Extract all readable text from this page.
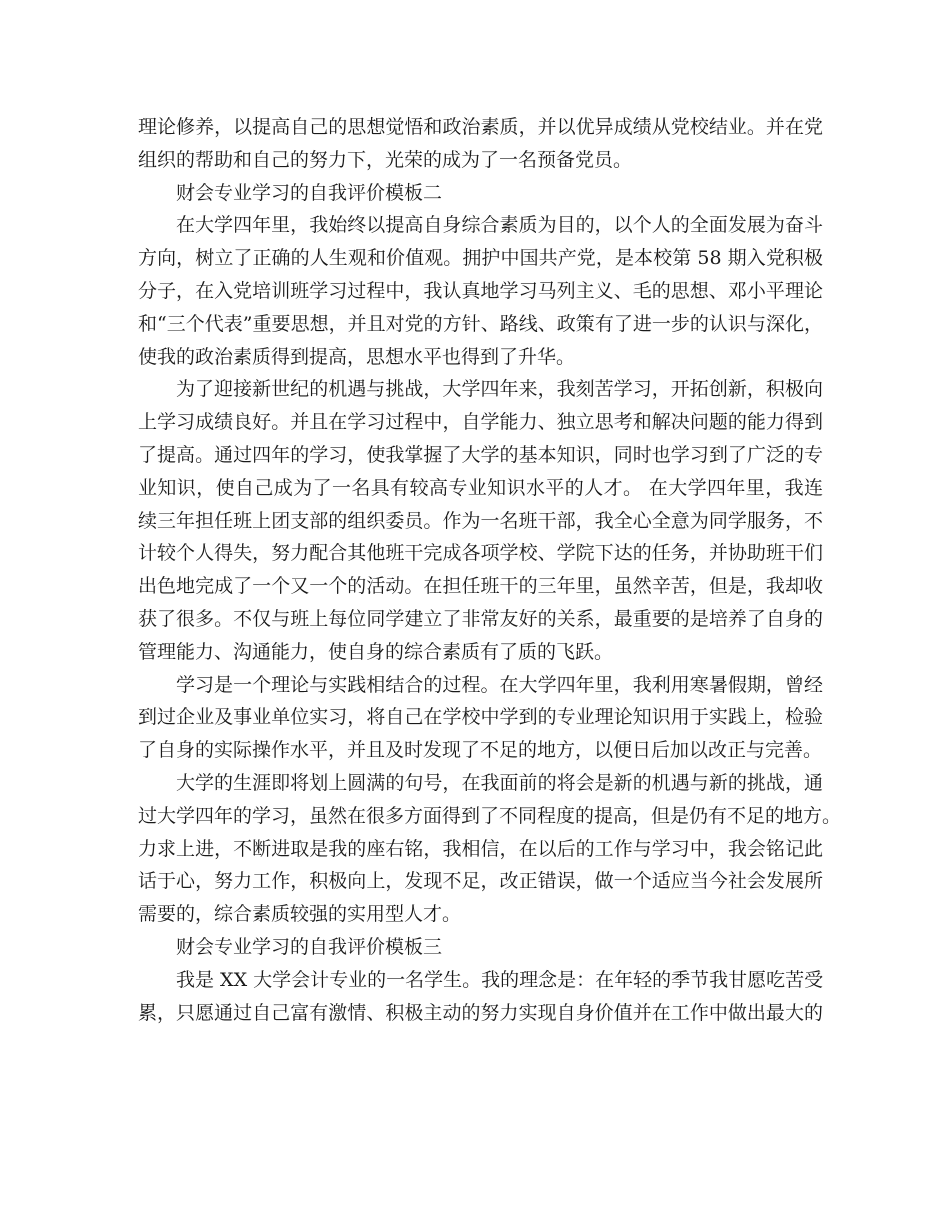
理论修养，以提高自己的思想觉悟和政治素质，并以优异成绩从党校结业。并在党
组织的帮助和自己的努力下，光荣的成为了一名预备党员。
财会专业学习的自我评价模板二
在大学四年里，我始终以提高自身综合素质为目的，以个人的全面发展为奋斗
方向，树立了正确的人生观和价值观。拥护中国共产党，是本校第 58 期入党积极
分子，在入党培训班学习过程中，我认真地学习马列主义、毛的思想、邓小平理论
和“三个代表”重要思想，并且对党的方针、路线、政策有了进一步的认识与深化，
使我的政治素质得到提高，思想水平也得到了升华。
为了迎接新世纪的机遇与挑战，大学四年来，我刻苦学习，开拓创新，积极向
上学习成绩良好。并且在学习过程中，自学能力、独立思考和解决问题的能力得到
了提高。通过四年的学习，使我掌握了大学的基本知识，同时也学习到了广泛的专
业知识，使自己成为了一名具有较高专业知识水平的人才。 在大学四年里，我连
续三年担任班上团支部的组织委员。作为一名班干部，我全心全意为同学服务，不
计较个人得失，努力配合其他班干完成各项学校、学院下达的任务，并协助班干们
出色地完成了一个又一个的活动。在担任班干的三年里，虽然辛苦，但是，我却收
获了很多。不仅与班上每位同学建立了非常友好的关系，最重要的是培养了自身的
管理能力、沟通能力，使自身的综合素质有了质的飞跃。
学习是一个理论与实践相结合的过程。在大学四年里，我利用寒暑假期，曾经
到过企业及事业单位实习，将自己在学校中学到的专业理论知识用于实践上，检验
了自身的实际操作水平，并且及时发现了不足的地方，以便日后加以改正与完善。
大学的生涯即将划上圆满的句号，在我面前的将会是新的机遇与新的挑战，通
过大学四年的学习，虽然在很多方面得到了不同程度的提高，但是仍有不足的地方。
力求上进，不断进取是我的座右铭，我相信，在以后的工作与学习中，我会铭记此
话于心，努力工作，积极向上，发现不足，改正错误，做一个适应当今社会发展所
需要的，综合素质较强的实用型人才。
财会专业学习的自我评价模板三
我是 XX 大学会计专业的一名学生。我的理念是：在年轻的季节我甘愿吃苦受
累，只愿通过自己富有激情、积极主动的努力实现自身价值并在工作中做出最大的
